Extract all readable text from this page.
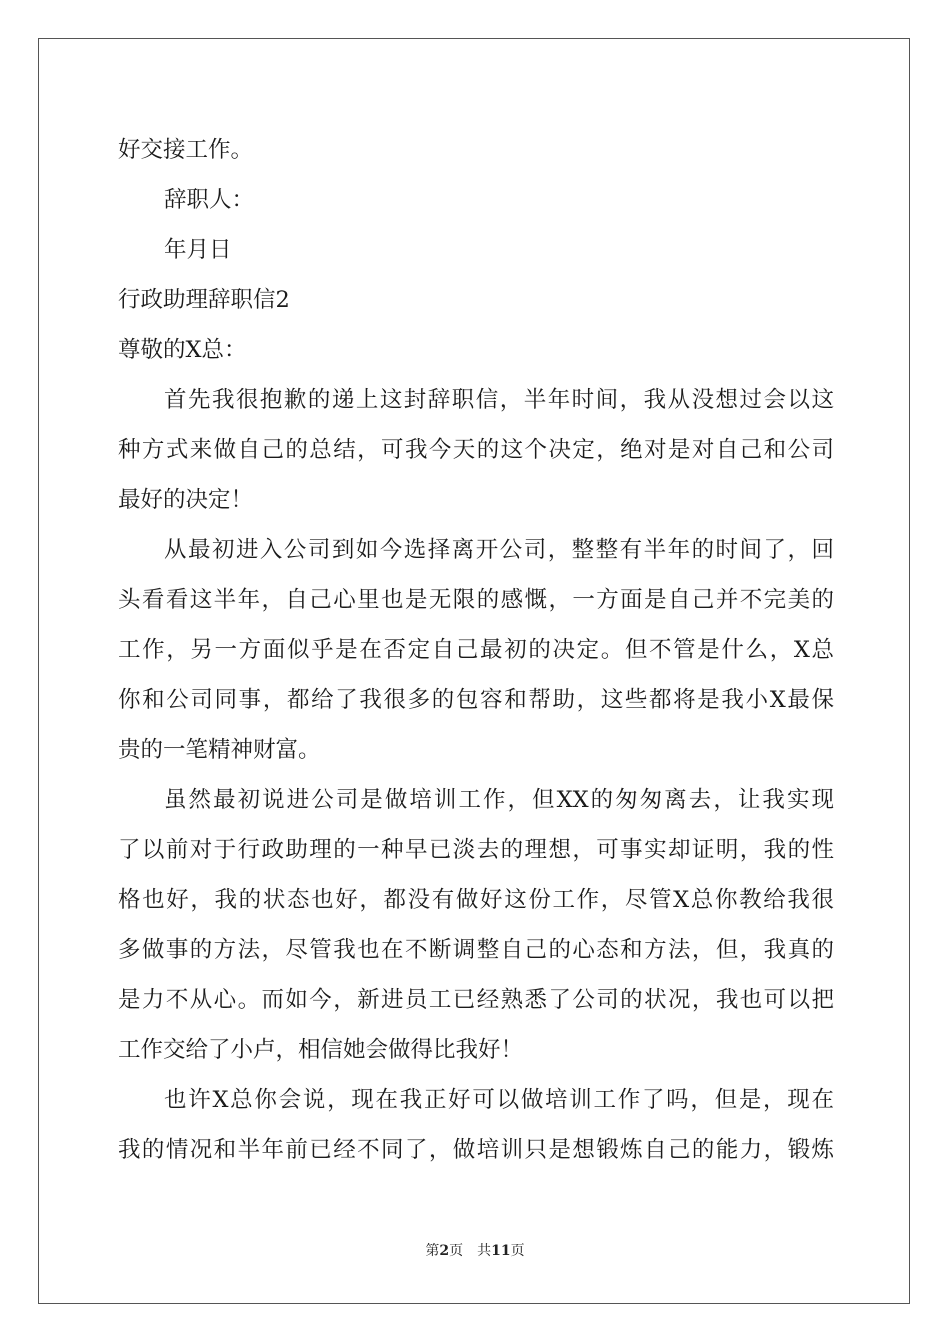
好交接工作。
辞职人：
年月日
行政助理辞职信2
尊敬的X总：
首先我很抱歉的递上这封辞职信，半年时间，我从没想过会以这
种方式来做自己的总结，可我今天的这个决定，绝对是对自己和公司
最好的决定！
从最初进入公司到如今选择离开公司，整整有半年的时间了，回
头看看这半年，自己心里也是无限的感慨，一方面是自己并不完美的
工作，另一方面似乎是在否定自己最初的决定。但不管是什么，X总
你和公司同事，都给了我很多的包容和帮助，这些都将是我小X最保
贵的一笔精神财富。
虽然最初说进公司是做培训工作，但XX的匆匆离去，让我实现
了以前对于行政助理的一种早已淡去的理想，可事实却证明，我的性
格也好，我的状态也好，都没有做好这份工作，尽管X总你教给我很
多做事的方法，尽管我也在不断调整自己的心态和方法，但，我真的
是力不从心。而如今，新进员工已经熟悉了公司的状况，我也可以把
工作交给了小卢，相信她会做得比我好！
也许X总你会说，现在我正好可以做培训工作了吗，但是，现在
我的情况和半年前已经不同了，做培训只是想锻炼自己的能力，锻炼
第2页　共11页
